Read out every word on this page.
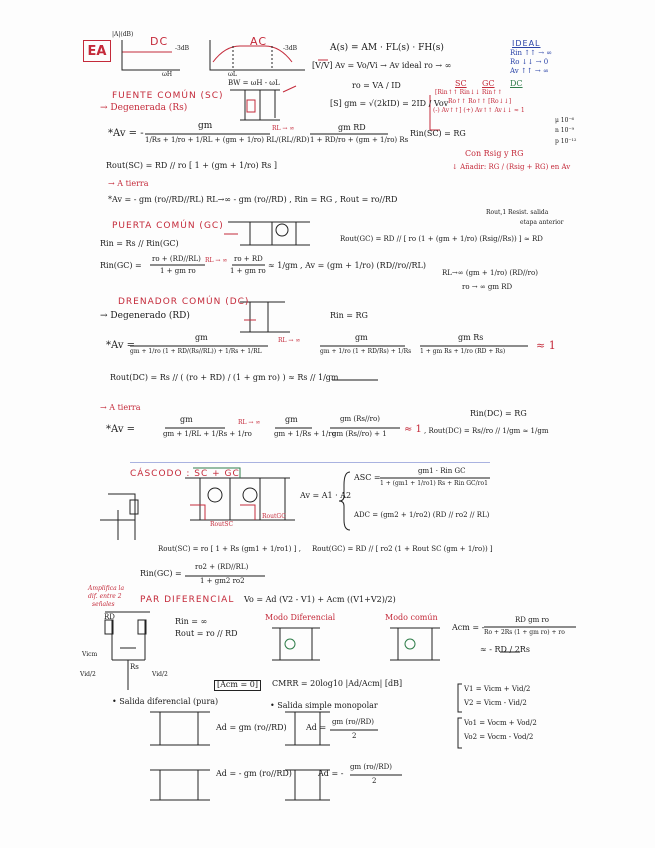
EA
DC	AC
|A|(dB)
-3dB	-3dB
ωH	ωL
BW = ωH - ωL
A(s) = AM · FL(s) · FH(s)	IDEAL
Rin ↑↑ → ∞
Ro ↓↓ → 0
Av ↑↑ → ∞
[V/V] Av = Vo/Vi → Av ideal ro → ∞
ro = VA / ID
[S] gm = √(2kID) = 2ID / Vov
SC GC DC
[Rin↑↑ Rin↓↓ Rin↑↑
Ro↑↑ Ro↑↑ [Ro↓↓]
(-) Av↑↑] (+) Av↑↑ Av↓↓ ≈ 1
μ 10⁻⁶
n 10⁻⁹
p 10⁻¹²
FUENTE COMÚN (SC)
→ Degenerada (Rs)
*Av = -
gm
1/Rs + 1/ro + 1/RL + (gm + 1/ro) RL/(RL//RD)
RL → ∞	gm RD
1 + RD/ro + (gm + 1/ro) Rs
Rin(SC) = RG
Con Rsig y RG
↓ Añadir: RG / (Rsig + RG) en Av
Rout(SC) = RD // ro [ 1 + (gm + 1/ro) Rs ]
→ A tierra
*Av = - gm (ro//RD//RL) RL→∞ - gm (ro//RD) , Rin = RG , Rout = ro//RD
PUERTA COMÚN (GC)
Rout,1 Resist. salida
etapa anterior
Rin = Rs // Rin(GC)	Rout(GC) = RD // [ ro (1 + (gm + 1/ro) (Rsig//Rs)) ] ≈ RD
Rin(GC) =
ro + (RD//RL)
1 + gm ro
RL → ∞ ro + RD
1 + gm ro
≈ 1/gm , Av = (gm + 1/ro) (RD//ro//RL)
RL→∞ (gm + 1/ro) (RD//ro)
ro → ∞ gm RD
DRENADOR COMÚN (DC)
→ Degenerado (RD)	Rin = RG
*Av =
gm
gm + 1/ro (1 + RD/(Rs//RL)) + 1/Rs + 1/RL
RL → ∞	gm
gm + 1/ro (1 + RD/Rs) + 1/Rs
gm Rs
1 + gm Rs + 1/ro (RD + Rs)	≈ 1
Rout(DC) = Rs // ( (ro + RD) / (1 + gm ro) ) ≈ Rs // 1/gm
→ A tierra
Rin(DC) = RG
*Av =
gm
gm + 1/RL + 1/Rs + 1/ro
RL → ∞	gm
gm + 1/Rs + 1/ro
gm (Rs//ro)
gm (Rs//ro) + 1 ≈ 1 , Rout(DC) = Rs//ro // 1/gm ≈ 1/gm
CÁSCODO : SC + GC
Av = A1 · A2
ASC =
gm1 · Rin GC
1 + (gm1 + 1/ro1) Rs + Rin GC/ro1
ADC = (gm2 + 1/ro2) (RD // ro2 // RL)
RoutSC
RoutGC
Rout(SC) = ro [ 1 + Rs (gm1 + 1/ro1) ] , Rout(GC) = RD // [ ro2 (1 + Rout SC (gm + 1/ro)) ]
Rin(GC) =
ro2 + (RD//RL)
1 + gm2 ro2
Amplifica la
dif. entre 2
señales	PAR DIFERENCIAL Vo = Ad (V2 - V1) + Acm ((V1+V2)/2)
Rin = ∞
Rout = ro // RD
Modo Diferencial	Modo común
Acm = -
RD gm ro
Ro + 2Rs (1 + gm ro) + ro
≈ - RD / 2Rs
RD
Rs
Vicm
Vid/2	Vid/2
[Acm = 0]	CMRR = 20log10 |Ad/Acm| [dB]
V1 = Vicm + Vid/2
V2 = Vicm - Vid/2
Vo1 = Vocm + Vod/2
Vo2 = Vocm - Vod/2
• Salida diferencial (pura)	• Salida simple monopolar
Ad = gm (ro//RD) Ad =
gm (ro//RD)
2
Ad = - gm (ro//RD)	Ad = -
gm (ro//RD)
2
